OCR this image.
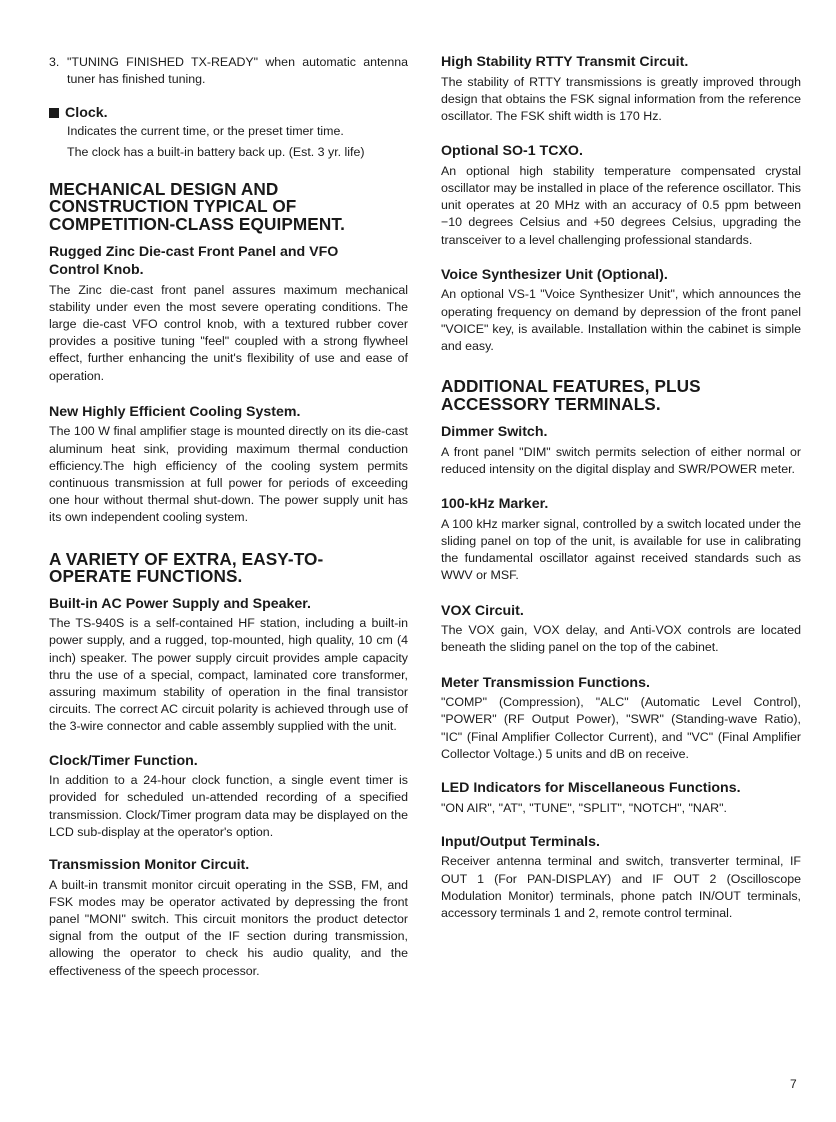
3. "TUNING FINISHED TX-READY" when automatic antenna tuner has finished tuning.
Clock.

Indicates the current time, or the preset timer time.

The clock has a built-in battery back up. (Est. 3 yr. life)

MECHANICAL DESIGN AND CONSTRUCTION TYPICAL OF COMPETITION-CLASS EQUIPMENT.
Rugged Zinc Die-cast Front Panel and VFO Control Knob.

The Zinc die-cast front panel assures maximum mechanical stability under even the most severe operating conditions. The large die-cast VFO control knob, with a textured rubber cover provides a positive tuning "feel" coupled with a strong flywheel effect, further enhancing the unit's flexibility of use and ease of operation.

New Highly Efficient Cooling System.

The 100 W final amplifier stage is mounted directly on its die-cast aluminum heat sink, providing maximum thermal conduction efficiency.The high efficiency of the cooling system permits continuous transmission at full power for periods of exceeding one hour without thermal shut-down. The power supply unit has its own independent cooling system.

A VARIETY OF EXTRA, EASY-TO-OPERATE FUNCTIONS.
Built-in AC Power Supply and Speaker.

The TS-940S is a self-contained HF station, including a built-in power supply, and a rugged, top-mounted, high quality, 10 cm (4 inch) speaker. The power supply circuit provides ample capacity thru the use of a special, compact, laminated core transformer, assuring maximum stability of operation in the final transistor circuits. The correct AC circuit polarity is achieved through use of the 3-wire connector and cable assembly supplied with the unit.

Clock/Timer Function.

In addition to a 24-hour clock function, a single event timer is provided for scheduled un-attended recording of a specified transmission. Clock/Timer program data may be displayed on the LCD sub-display at the operator's option.

Transmission Monitor Circuit.

A built-in transmit monitor circuit operating in the SSB, FM, and FSK modes may be operator activated by depressing the front panel "MONI" switch. This circuit monitors the product detector signal from the output of the IF section during transmission, allowing the operator to check his audio quality, and the effectiveness of the speech processor.

High Stability RTTY Transmit Circuit.

The stability of RTTY transmissions is greatly improved through design that obtains the FSK signal information from the reference oscillator. The FSK shift width is 170 Hz.

Optional SO-1 TCXO.

An optional high stability temperature compensated crystal oscillator may be installed in place of the reference oscillator. This unit operates at 20 MHz with an accuracy of 0.5 ppm between −10 degrees Celsius and +50 degrees Celsius, upgrading the transceiver to a level challenging professional standards.

Voice Synthesizer Unit (Optional).

An optional VS-1 "Voice Synthesizer Unit", which announces the operating frequency on demand by depression of the front panel "VOICE" key, is available. Installation within the cabinet is simple and easy.

ADDITIONAL FEATURES, PLUS ACCESSORY TERMINALS.
Dimmer Switch.

A front panel "DIM" switch permits selection of either normal or reduced intensity on the digital display and SWR/POWER meter.

100-kHz Marker.

A 100 kHz marker signal, controlled by a switch located under the sliding panel on top of the unit, is available for use in calibrating the fundamental oscillator against received standards such as WWV or MSF.

VOX Circuit.

The VOX gain, VOX delay, and Anti-VOX controls are located beneath the sliding panel on the top of the cabinet.

Meter Transmission Functions.

"COMP" (Compression), "ALC" (Automatic Level Control), "POWER" (RF Output Power), "SWR" (Standing-wave Ratio), "IC" (Final Amplifier Collector Current), and "VC" (Final Amplifier Collector Voltage.) 5 units and dB on receive.

LED Indicators for Miscellaneous Functions.

"ON AIR", "AT", "TUNE", "SPLIT", "NOTCH", "NAR".

Input/Output Terminals.

Receiver antenna terminal and switch, transverter terminal, IF OUT 1 (For PAN-DISPLAY) and IF OUT 2 (Oscilloscope Modulation Monitor) terminals, phone patch IN/OUT terminals, accessory terminals 1 and 2, remote control terminal.

7
